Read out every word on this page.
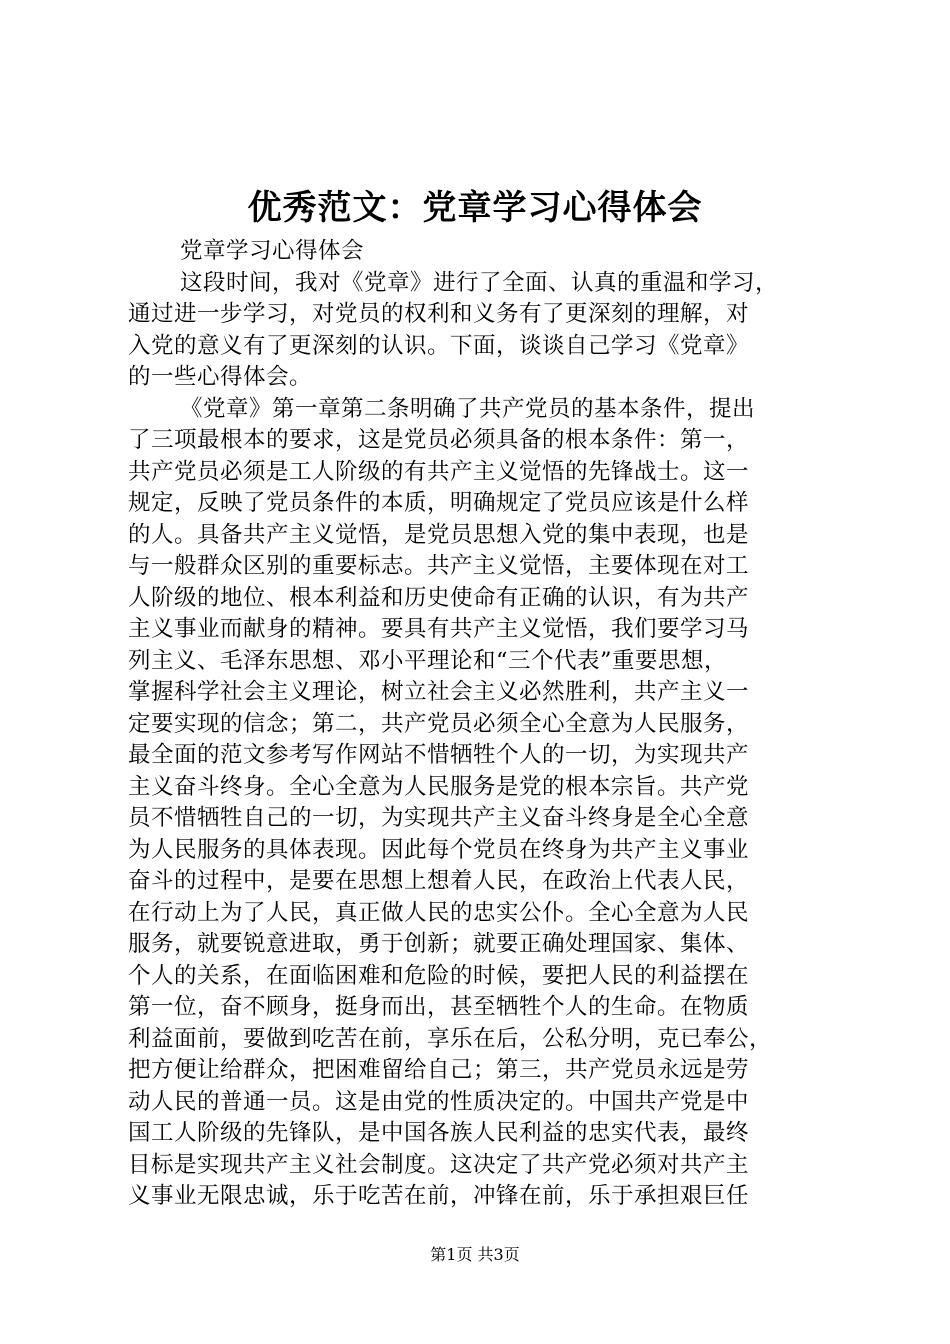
优秀范文：党章学习心得体会
党章学习心得体会
这段时间，我对《党章》进行了全面、认真的重温和学习，
通过进一步学习，对党员的权利和义务有了更深刻的理解，对
入党的意义有了更深刻的认识。下面，谈谈自己学习《党章》
的一些心得体会。
《党章》第一章第二条明确了共产党员的基本条件，提出
了三项最根本的要求，这是党员必须具备的根本条件：第一，
共产党员必须是工人阶级的有共产主义觉悟的先锋战士。这一
规定，反映了党员条件的本质，明确规定了党员应该是什么样
的人。具备共产主义觉悟，是党员思想入党的集中表现，也是
与一般群众区别的重要标志。共产主义觉悟，主要体现在对工
人阶级的地位、根本利益和历史使命有正确的认识，有为共产
主义事业而献身的精神。要具有共产主义觉悟，我们要学习马
列主义、毛泽东思想、邓小平理论和“三个代表”重要思想，
掌握科学社会主义理论，树立社会主义必然胜利，共产主义一
定要实现的信念；第二，共产党员必须全心全意为人民服务，
最全面的范文参考写作网站不惜牺牲个人的一切，为实现共产
主义奋斗终身。全心全意为人民服务是党的根本宗旨。共产党
员不惜牺牲自己的一切，为实现共产主义奋斗终身是全心全意
为人民服务的具体表现。因此每个党员在终身为共产主义事业
奋斗的过程中，是要在思想上想着人民，在政治上代表人民，
在行动上为了人民，真正做人民的忠实公仆。全心全意为人民
服务，就要锐意进取，勇于创新；就要正确处理国家、集体、
个人的关系，在面临困难和危险的时候，要把人民的利益摆在
第一位，奋不顾身，挺身而出，甚至牺牲个人的生命。在物质
利益面前，要做到吃苦在前，享乐在后，公私分明，克已奉公，
把方便让给群众，把困难留给自己；第三，共产党员永远是劳
动人民的普通一员。这是由党的性质决定的。中国共产党是中
国工人阶级的先锋队，是中国各族人民利益的忠实代表，最终
目标是实现共产主义社会制度。这决定了共产党必须对共产主
义事业无限忠诚，乐于吃苦在前，冲锋在前，乐于承担艰巨任
第1页 共3页
